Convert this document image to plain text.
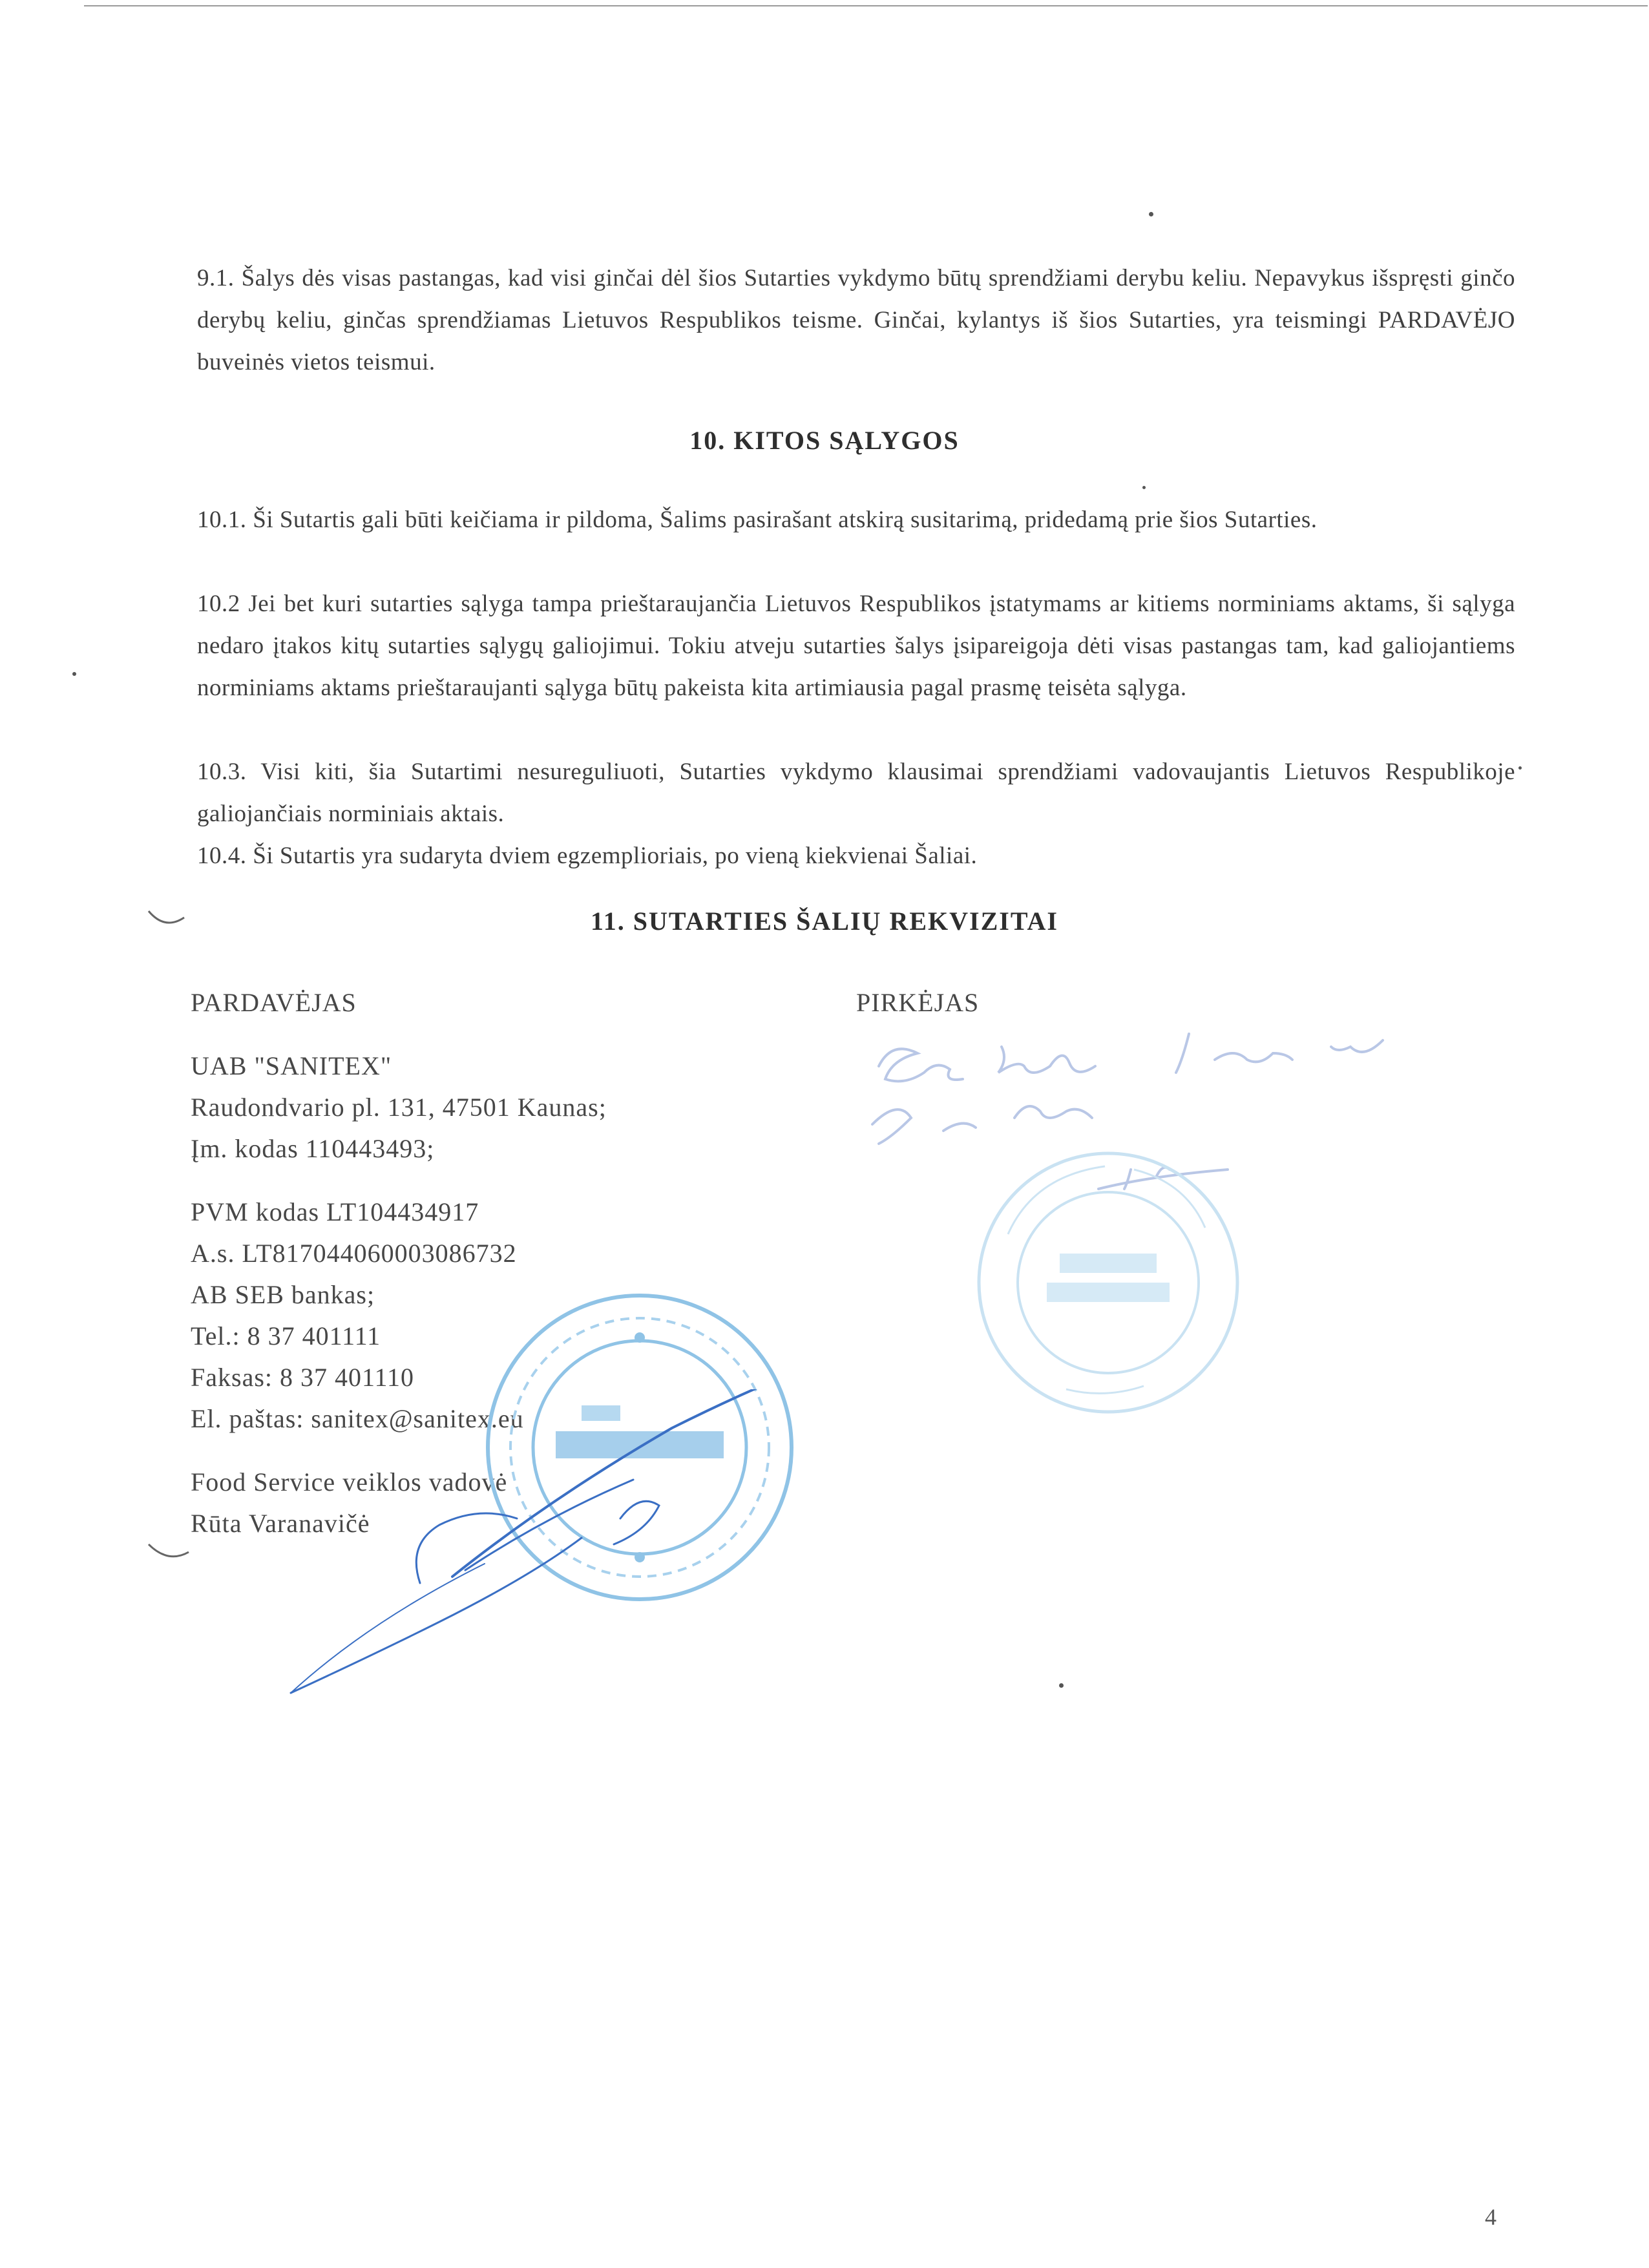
9.1. Šalys dės visas pastangas, kad visi ginčai dėl šios Sutarties vykdymo būtų sprendžiami derybu keliu. Nepavykus išspręsti ginčo derybų keliu, ginčas sprendžiamas Lietuvos Respublikos teisme. Ginčai, kylantys iš šios Sutarties, yra teismingi PARDAVĖJO buveinės vietos teismui.
10. KITOS SĄLYGOS
10.1. Ši Sutartis gali būti keičiama ir pildoma, Šalims pasirašant atskirą susitarimą, pridedamą prie šios Sutarties.
10.2 Jei bet kuri sutarties sąlyga tampa prieštaraujančia Lietuvos Respublikos įstatymams ar kitiems norminiams aktams, ši sąlyga nedaro įtakos kitų sutarties sąlygų galiojimui. Tokiu atveju sutarties šalys įsipareigoja dėti visas pastangas tam, kad galiojantiems norminiams aktams prieštaraujanti sąlyga būtų pakeista kita artimiausia pagal prasmę teisėta sąlyga.
10.3. Visi kiti, šia Sutartimi nesureguliuoti, Sutarties vykdymo klausimai sprendžiami vadovaujantis Lietuvos Respublikoje galiojančiais norminiais aktais.
10.4. Ši Sutartis yra sudaryta dviem egzemplioriais, po vieną kiekvienai Šaliai.
11. SUTARTIES ŠALIŲ REKVIZITAI
PARDAVĖJAS
UAB "SANITEX"
Raudondvario pl. 131, 47501 Kaunas;
Įm. kodas 110443493;
PVM kodas LT104434917
A.s. LT817044060003086732
AB SEB bankas;
Tel.: 8 37 401111
Faksas: 8 37 401110
El. paštas: sanitex@sanitex.eu
Food Service veiklos vadovė
Rūta Varanavičė
PIRKĖJAS
4
